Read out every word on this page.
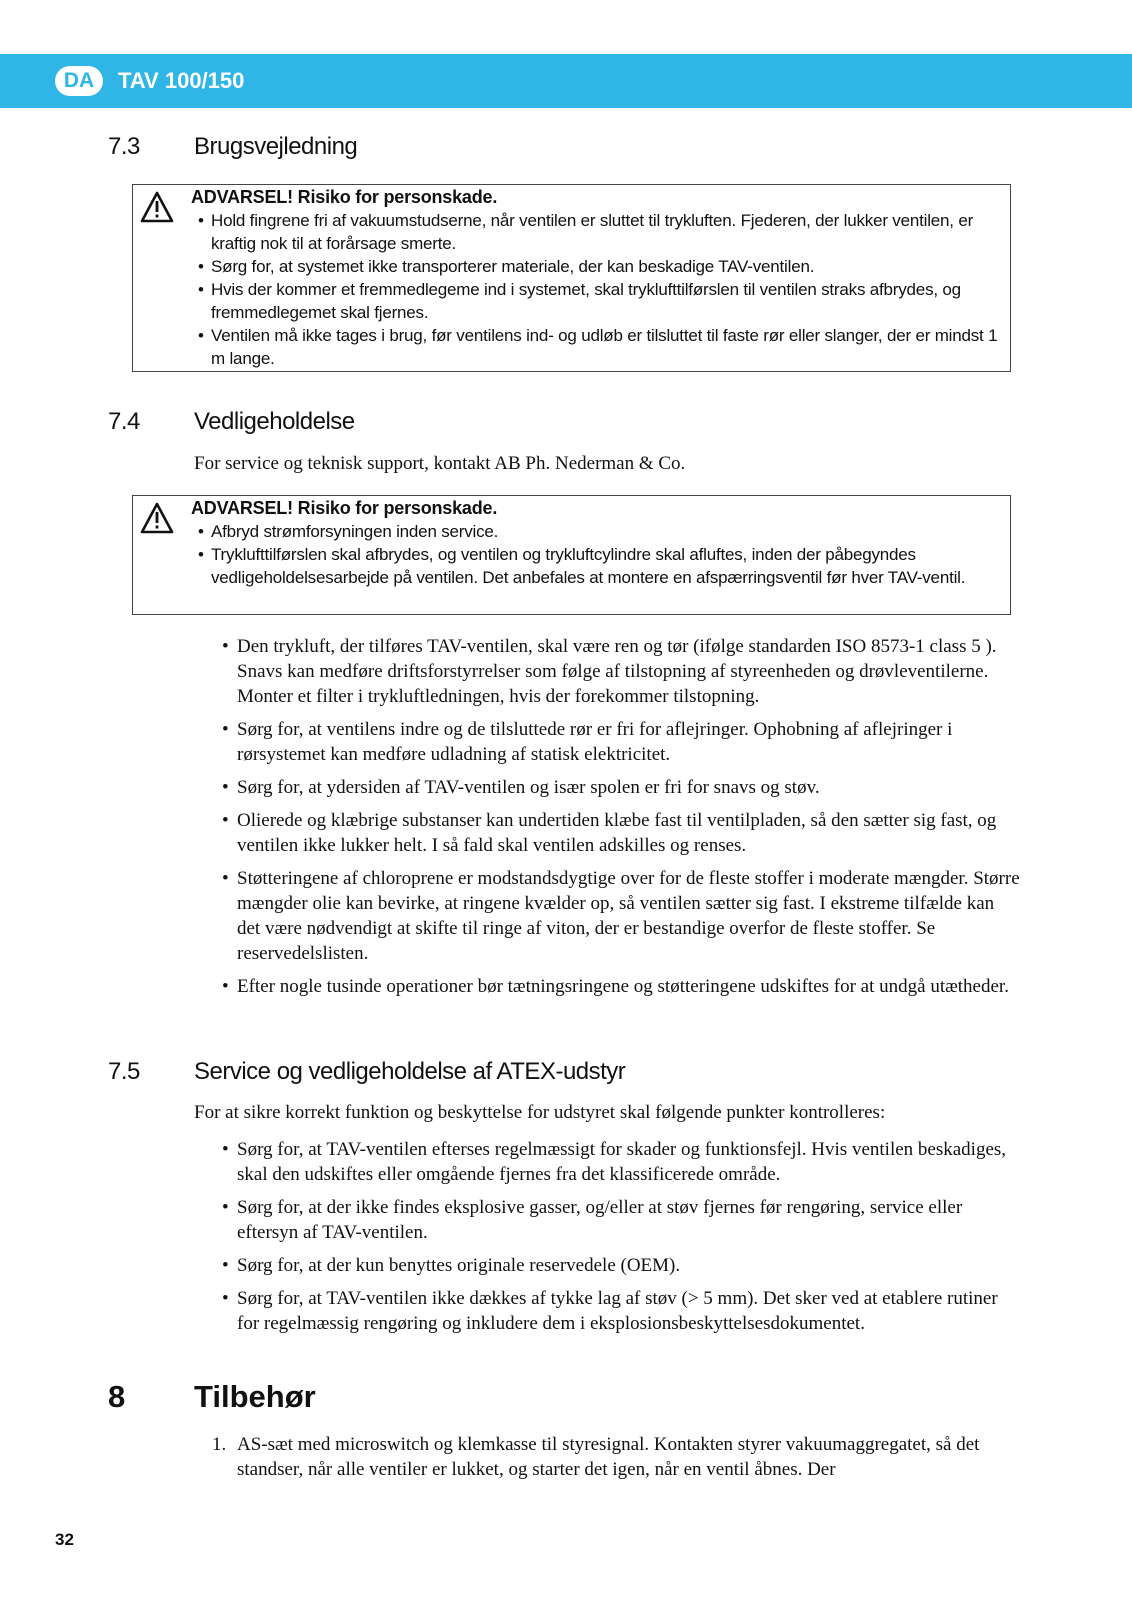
DA	TAV 100/150
7.3 Brugsvejledning
ADVARSEL! Risiko for personskade.
• Hold fingrene fri af vakuumstudserne, når ventilen er sluttet til trykluften. Fjederen, der lukker ventilen, er kraftig nok til at forårsage smerte.
• Sørg for, at systemet ikke transporterer materiale, der kan beskadige TAV-ventilen.
• Hvis der kommer et fremmedlegeme ind i systemet, skal tryklufttilførslen til ventilen straks afbrydes, og fremmedlegemet skal fjernes.
• Ventilen må ikke tages i brug, før ventilens ind- og udløb er tilsluttet til faste rør eller slanger, der er mindst 1 m lange.
7.4 Vedligeholdelse
For service og teknisk support, kontakt AB Ph. Nederman & Co.
ADVARSEL! Risiko for personskade.
• Afbryd strømforsyningen inden service.
• Tryklufttilførslen skal afbrydes, og ventilen og trykluftcylindre skal afluftes, inden der påbegyndes vedligeholdelsesarbejde på ventilen. Det anbefales at montere en afspærringsventil før hver TAV-ventil.
• Den trykluft, der tilføres TAV-ventilen, skal være ren og tør (ifølge standarden ISO 8573-1 class 5 ). Snavs kan medføre driftsforstyrrelser som følge af tilstopning af styreenheden og drøvleventilerne. Monter et filter i trykluftledningen, hvis der forekommer tilstopning.
• Sørg for, at ventilens indre og de tilsluttede rør er fri for aflejringer. Ophobning af aflejringer i rørsystemet kan medføre udladning af statisk elektricitet.
• Sørg for, at ydersiden af TAV-ventilen og især spolen er fri for snavs og støv.
• Olierede og klæbrige substanser kan undertiden klæbe fast til ventilpladen, så den sætter sig fast, og ventilen ikke lukker helt. I så fald skal ventilen adskilles og renses.
• Støtteringene af chloroprene er modstandsdygtige over for de fleste stoffer i moderate mængder. Større mængder olie kan bevirke, at ringene kvælder op, så ventilen sætter sig fast. I ekstreme tilfælde kan det være nødvendigt at skifte til ringe af viton, der er bestandige overfor de fleste stoffer. Se reservedelslisten.
• Efter nogle tusinde operationer bør tætningsringene og støtteringene udskiftes for at undgå utætheder.
7.5 Service og vedligeholdelse af ATEX-udstyr
For at sikre korrekt funktion og beskyttelse for udstyret skal følgende punkter kontrolleres:
• Sørg for, at TAV-ventilen efterses regelmæssigt for skader og funktionsfejl. Hvis ventilen beskadiges, skal den udskiftes eller omgående fjernes fra det klassificerede område.
• Sørg for, at der ikke findes eksplosive gasser, og/eller at støv fjernes før rengøring, service eller eftersyn af TAV-ventilen.
• Sørg for, at der kun benyttes originale reservedele (OEM).
• Sørg for, at TAV-ventilen ikke dækkes af tykke lag af støv (> 5 mm). Det sker ved at etablere rutiner for regelmæssig rengøring og inkludere dem i eksplosionsbeskyttelsesdokumentet.
8 Tilbehør
1. AS-sæt med microswitch og klemkasse til styresignal. Kontakten styrer vakuumaggregatet, så det standser, når alle ventiler er lukket, og starter det igen, når en ventil åbnes. Der
32
